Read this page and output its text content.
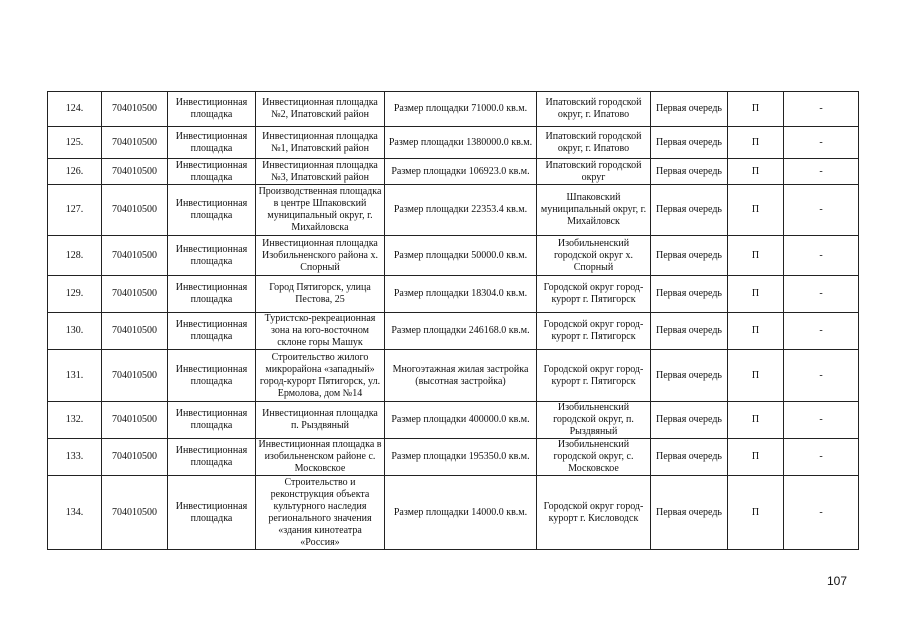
124.	704010500	Инвестиционная площадка	Инвестиционная площадка №2, Ипатовский район	Размер площадки 71000.0 кв.м.	Ипатовский городской округ, г. Ипатово	Первая очередь	П	-
125.	704010500	Инвестиционная площадка	Инвестиционная площадка №1, Ипатовский район	Размер площадки 1380000.0 кв.м.	Ипатовский городской округ, г. Ипатово	Первая очередь	П	-
126.	704010500	Инвестиционная площадка	Инвестиционная площадка №3, Ипатовский район	Размер площадки 106923.0 кв.м.	Ипатовский городской округ	Первая очередь	П	-
127.	704010500	Инвестиционная площадка	Производственная площадка в центре Шпаковский муниципальный округ, г. Михайловска	Размер площадки 22353.4 кв.м.	Шпаковский муниципальный округ, г. Михайловск	Первая очередь	П	-
128.	704010500	Инвестиционная площадка	Инвестиционная площадка Изобильненского района х. Спорный	Размер площадки 50000.0 кв.м.	Изобильненский городской округ х. Спорный	Первая очередь	П	-
129.	704010500	Инвестиционная площадка	Город Пятигорск, улица Пестова, 25	Размер площадки 18304.0 кв.м.	Городской округ город-курорт г. Пятигорск	Первая очередь	П	-
130.	704010500	Инвестиционная площадка	Туристско-рекреационная зона на юго-восточном склоне горы Машук	Размер площадки 246168.0 кв.м.	Городской округ город-курорт г. Пятигорск	Первая очередь	П	-
131.	704010500	Инвестиционная площадка	Строительство жилого микрорайона «западный» город-курорт Пятигорск, ул. Ермолова, дом №14	Многоэтажная жилая застройка (высотная застройка)	Городской округ город-курорт г. Пятигорск	Первая очередь	П	-
132.	704010500	Инвестиционная площадка	Инвестиционная площадка п. Рыздвяный	Размер площадки 400000.0 кв.м.	Изобильненский городской округ, п. Рыздвяный	Первая очередь	П	-
133.	704010500	Инвестиционная площадка	Инвестиционная площадка в изобильненском районе с. Московское	Размер площадки 195350.0 кв.м.	Изобильненский городской округ, с. Московское	Первая очередь	П	-
134.	704010500	Инвестиционная площадка	Строительство и реконструкция объекта культурного наследия регионального значения «здания кинотеатра «Россия»	Размер площадки 14000.0 кв.м.	Городской округ город-курорт г. Кисловодск	Первая очередь	П	-
107
